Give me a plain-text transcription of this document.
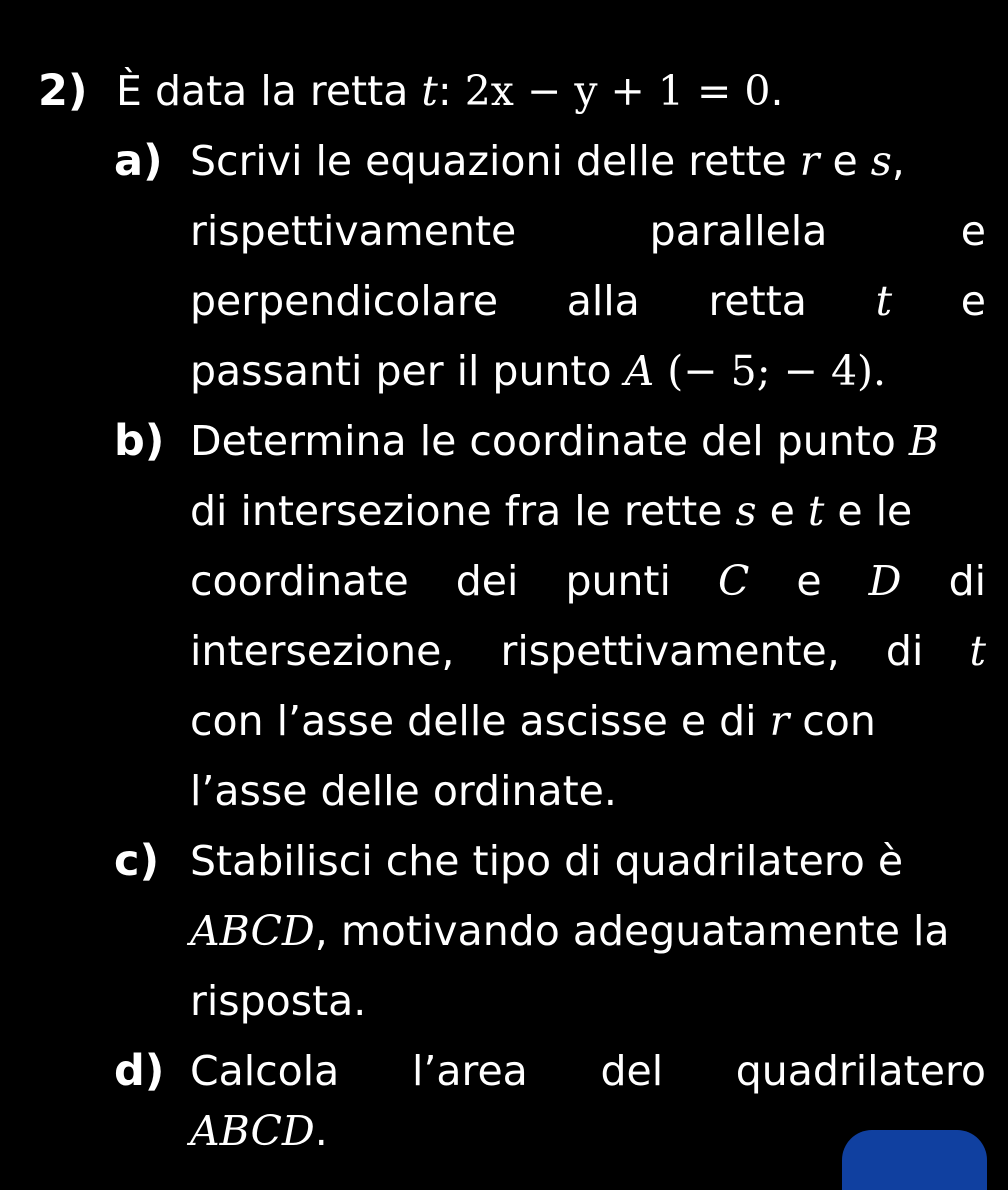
2) È data la retta t: 2x − y + 1 = 0.
a) Scrivi le equazioni delle rette r e s,
rispettivamente	parallela	e
perpendicolare alla retta t e
passanti per il punto A (− 5; − 4).
b) Determina le coordinate del punto B
di intersezione fra le rette s e t e le
coordinate dei punti C e D di
intersezione, rispettivamente, di t
con l’asse delle ascisse e di r con
l’asse delle ordinate.
c) Stabilisci che tipo di quadrilatero è
ABCD, motivando adeguatamente la
risposta.
d) Calcola l’area del quadrilatero
ABCD.
